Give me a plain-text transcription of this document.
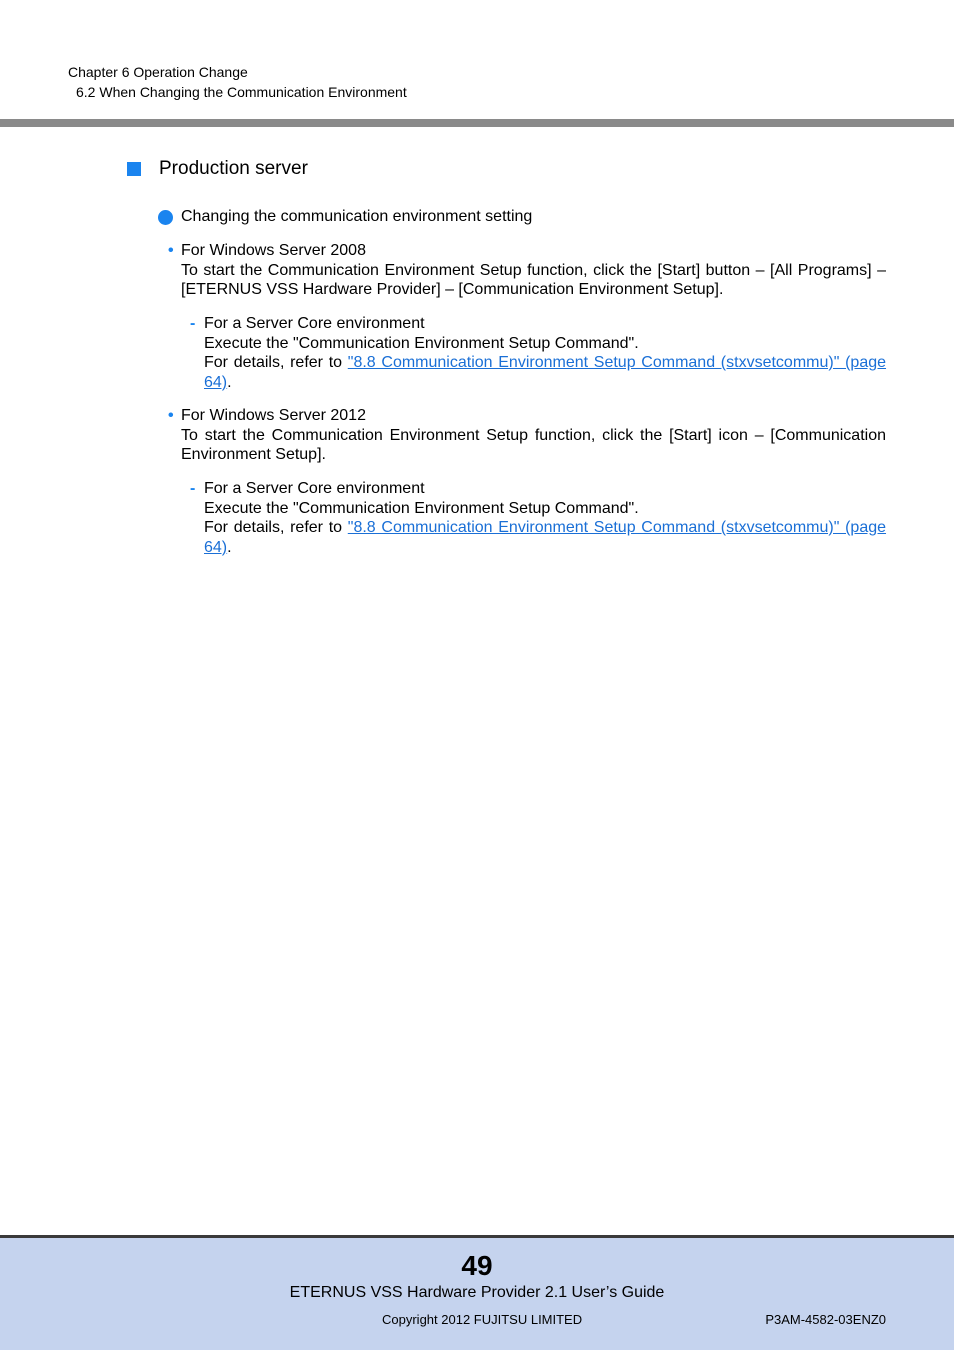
Chapter 6 Operation Change
6.2 When Changing the Communication Environment
Production server
Changing the communication environment setting
• For Windows Server 2008
To start the Communication Environment Setup function, click the [Start] button – [All Programs] – [ETERNUS VSS Hardware Provider] – [Communication Environment Setup].
- For a Server Core environment
Execute the "Communication Environment Setup Command".
For details, refer to "8.8 Communication Environment Setup Command (stxvsetcommu)" (page 64).
• For Windows Server 2012
To start the Communication Environment Setup function, click the [Start] icon – [Communication Environment Setup].
- For a Server Core environment
Execute the "Communication Environment Setup Command".
For details, refer to "8.8 Communication Environment Setup Command (stxvsetcommu)" (page 64).
49
ETERNUS VSS Hardware Provider 2.1 User’s Guide
Copyright 2012 FUJITSU LIMITED	P3AM-4582-03ENZ0
